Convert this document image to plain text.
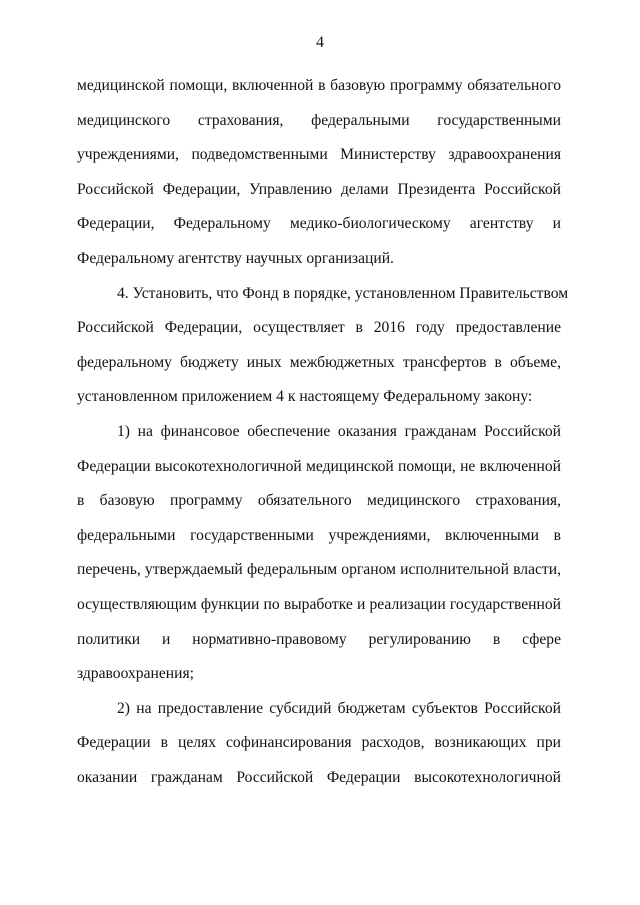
4
медицинской помощи, включенной в базовую программу обязательного
медицинского страхования, федеральными государственными
учреждениями, подведомственными Министерству здравоохранения
Российской Федерации, Управлению делами Президента Российской
Федерации, Федеральному медико-биологическому агентству и
Федеральному агентству научных организаций.
4. Установить, что Фонд в порядке, установленном Правительством
Российской Федерации, осуществляет в 2016 году предоставление
федеральному бюджету иных межбюджетных трансфертов в объеме,
установленном приложением 4 к настоящему Федеральному закону:
1) на финансовое обеспечение оказания гражданам Российской
Федерации высокотехнологичной медицинской помощи, не включенной
в базовую программу обязательного медицинского страхования,
федеральными государственными учреждениями, включенными в
перечень, утверждаемый федеральным органом исполнительной власти,
осуществляющим функции по выработке и реализации государственной
политики и нормативно-правовому регулированию в сфере
здравоохранения;
2) на предоставление субсидий бюджетам субъектов Российской
Федерации в целях софинансирования расходов, возникающих при
оказании гражданам Российской Федерации высокотехнологичной
